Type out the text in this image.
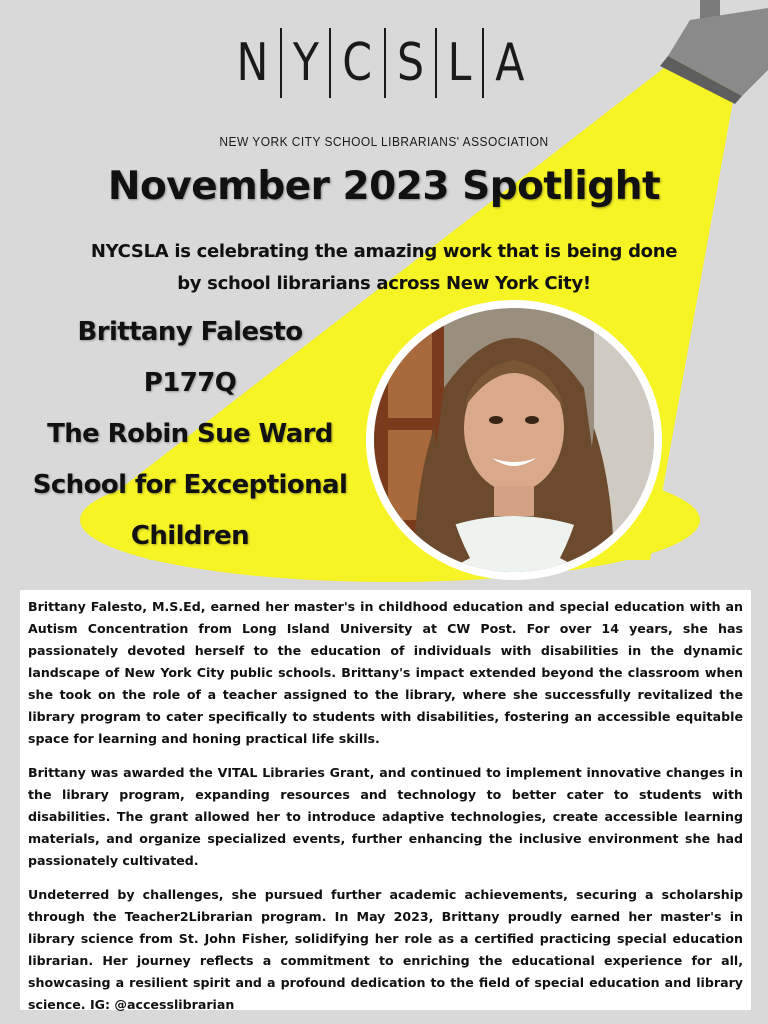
N Y C S L A
NEW YORK CITY SCHOOL LIBRARIANS' ASSOCIATION
November 2023 Spotlight
NYCSLA is celebrating the amazing work that is being done
by school librarians across New York City!
Brittany Falesto
P177Q
The Robin Sue Ward
School for Exceptional
Children

Brittany Falesto, M.S.Ed, earned her master's in childhood education and special education with an Autism Concentration from Long Island University at CW Post. For over 14 years, she has passionately devoted herself to the education of individuals with disabilities in the dynamic landscape of New York City public schools. Brittany's impact extended beyond the classroom when she took on the role of a teacher assigned to the library, where she successfully revitalized the library program to cater specifically to students with disabilities, fostering an accessible equitable space for learning and honing practical life skills.

Brittany was awarded the VITAL Libraries Grant, and continued to implement innovative changes in the library program, expanding resources and technology to better cater to students with disabilities. The grant allowed her to introduce adaptive technologies, create accessible learning materials, and organize specialized events, further enhancing the inclusive environment she had passionately cultivated.

Undeterred by challenges, she pursued further academic achievements, securing a scholarship through the Teacher2Librarian program. In May 2023, Brittany proudly earned her master's in library science from St. John Fisher, solidifying her role as a certified practicing special education librarian. Her journey reflects a commitment to enriching the educational experience for all, showcasing a resilient spirit and a profound dedication to the field of special education and library science. IG: @accesslibrarian
